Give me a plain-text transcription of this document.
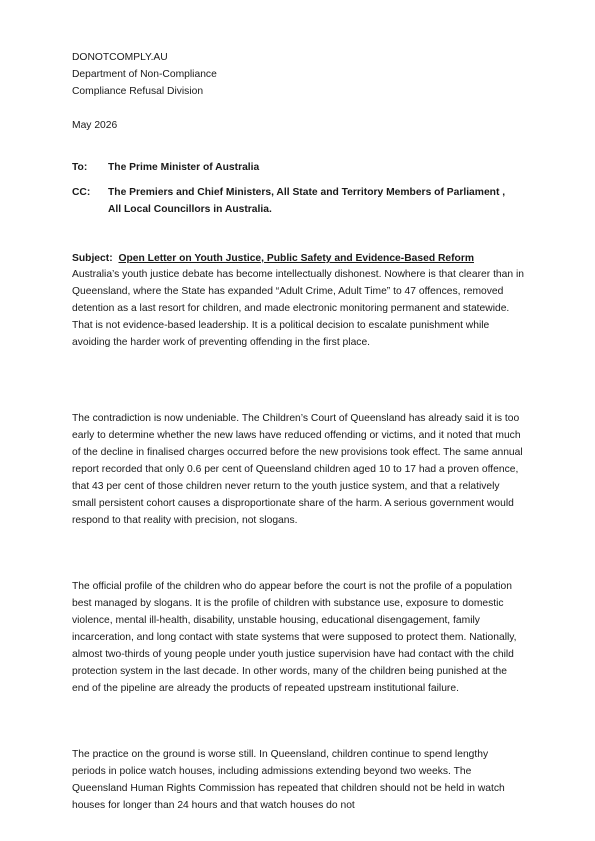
DONOTCOMPLY.AU
Department of Non-Compliance
Compliance Refusal Division
May 2026
To: The Prime Minister of Australia
CC: The Premiers and Chief Ministers, All State and Territory Members of Parliament , All Local Councillors in Australia.
Subject: Open Letter on Youth Justice, Public Safety and Evidence-Based Reform

Australia’s youth justice debate has become intellectually dishonest. Nowhere is that clearer than in Queensland, where the State has expanded “Adult Crime, Adult Time” to 47 offences, removed detention as a last resort for children, and made electronic monitoring permanent and statewide. That is not evidence-based leadership. It is a political decision to escalate punishment while avoiding the harder work of preventing offending in the first place.

The contradiction is now undeniable. The Children’s Court of Queensland has already said it is too early to determine whether the new laws have reduced offending or victims, and it noted that much of the decline in finalised charges occurred before the new provisions took effect. The same annual report recorded that only 0.6 per cent of Queensland children aged 10 to 17 had a proven offence, that 43 per cent of those children never return to the youth justice system, and that a relatively small persistent cohort causes a disproportionate share of the harm. A serious government would respond to that reality with precision, not slogans.

The official profile of the children who do appear before the court is not the profile of a population best managed by slogans. It is the profile of children with substance use, exposure to domestic violence, mental ill-health, disability, unstable housing, educational disengagement, family incarceration, and long contact with state systems that were supposed to protect them. Nationally, almost two-thirds of young people under youth justice supervision have had contact with the child protection system in the last decade. In other words, many of the children being punished at the end of the pipeline are already the products of repeated upstream institutional failure.

The practice on the ground is worse still. In Queensland, children continue to spend lengthy periods in police watch houses, including admissions extending beyond two weeks. The Queensland Human Rights Commission has repeated that children should not be held in watch houses for longer than 24 hours and that watch houses do not
